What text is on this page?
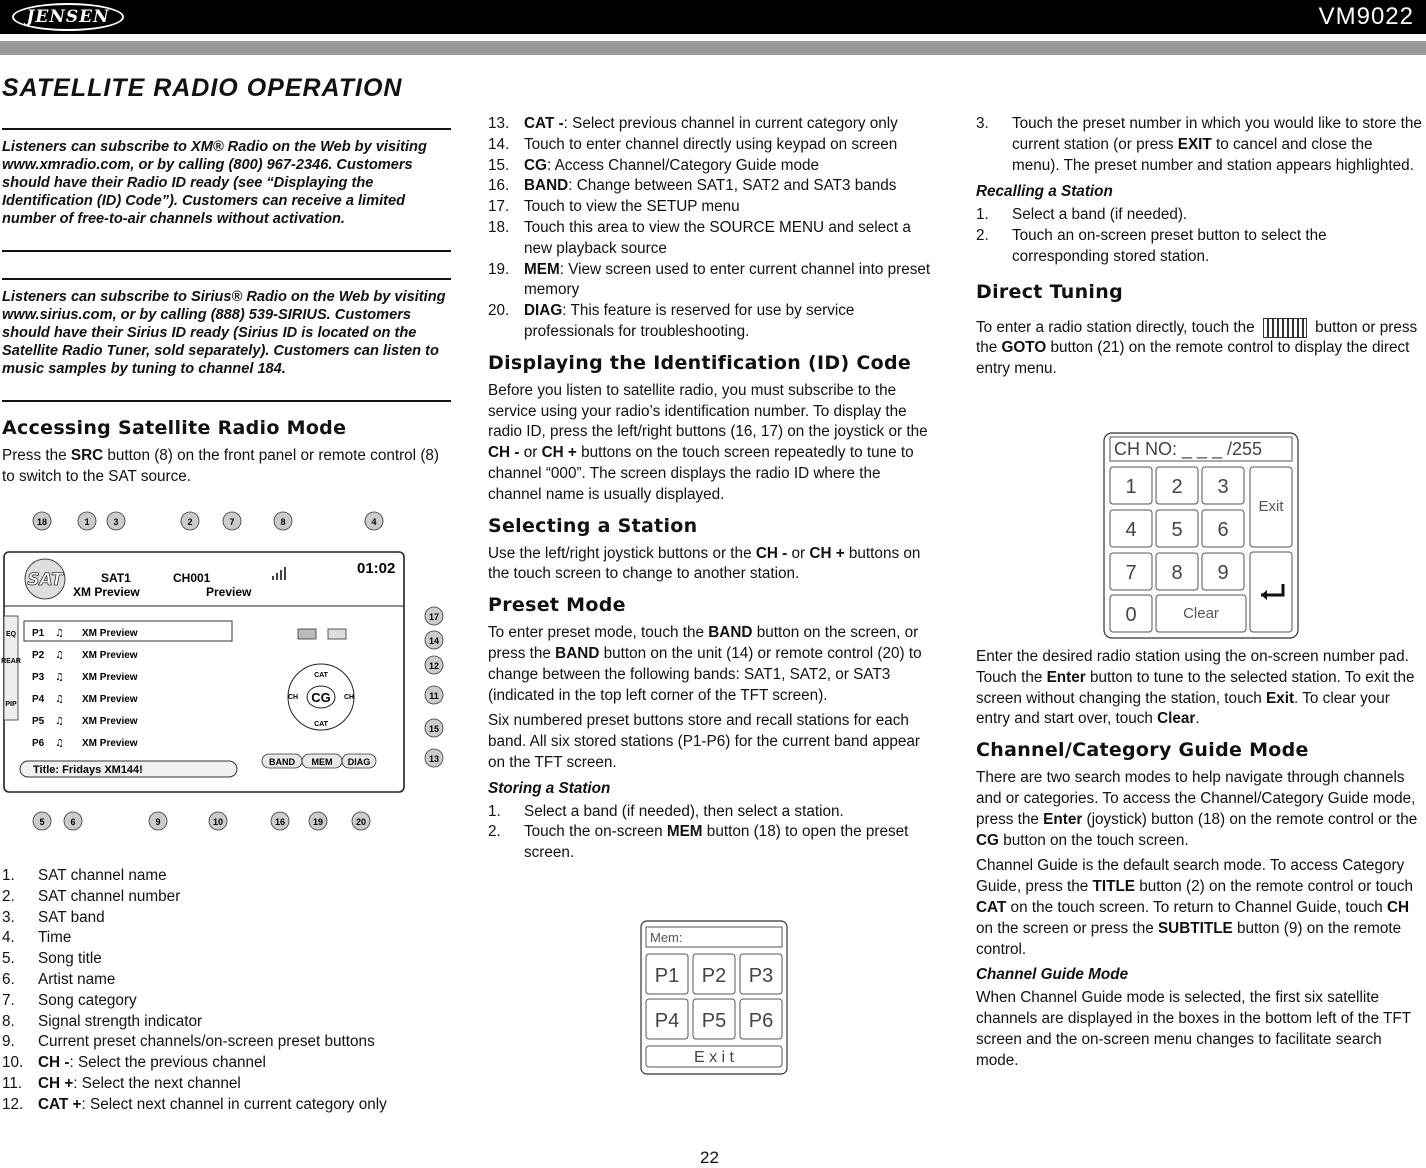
JENSEN	VM9022
SATELLITE RADIO OPERATION
Listeners can subscribe to XM® Radio on the Web by visiting www.xmradio.com, or by calling (800) 967-2346. Customers should have their Radio ID ready (see “Displaying the Identification (ID) Code”). Customers can receive a limited number of free-to-air channels without activation.
Listeners can subscribe to Sirius® Radio on the Web by visiting www.sirius.com, or by calling (888) 539-SIRIUS. Customers should have their Sirius ID ready (Sirius ID is located on the Satellite Radio Tuner, sold separately). Customers can listen to music samples by tuning to channel 184.
Accessing Satellite Radio Mode

Press the SRC button (8) on the front panel or remote control (8) to switch to the SAT source.

18	1	3	2	7	8	4
17
14
12
11
15
13
5	6	9	10	16	19	20
SAT	SAT1	CH001
XM Preview	Preview
01:02
EQ
REAR
PIP
P1 ♫ XM Preview
P2 ♫ XM Preview
P3 ♫ XM Preview
P4 ♫ XM Preview
P5 ♫ XM Preview
P6 ♫ XM Preview
Title: Fridays XM144!
CG
CAT
CAT
CH	CH
BAND MEM DIAG
1.	SAT channel name
2.	SAT channel number
3.	SAT band
4.	Time
5.	Song title
6.	Artist name
7.	Song category
8.	Signal strength indicator
9.	Current preset channels/on-screen preset buttons
10. CH -: Select the previous channel
11.	CH +: Select the next channel
12. CAT +: Select next channel in current category only
13. CAT -: Select previous channel in current category only
14. Touch to enter channel directly using keypad on screen
15. CG: Access Channel/Category Guide mode
16. BAND: Change between SAT1, SAT2 and SAT3 bands
17. Touch to view the SETUP menu
18. Touch this area to view the SOURCE MENU and select a new playback source
19. MEM: View screen used to enter current channel into preset memory
20. DIAG: This feature is reserved for use by service professionals for troubleshooting.
Displaying the Identification (ID) Code

Before you listen to satellite radio, you must subscribe to the service using your radio’s identification number. To display the radio ID, press the left/right buttons (16, 17) on the joystick or the CH - or CH + buttons on the touch screen repeatedly to tune to channel “000”. The screen displays the radio ID where the channel name is usually displayed.

Selecting a Station

Use the left/right joystick buttons or the CH - or CH + buttons on the touch screen to change to another station.

Preset Mode

To enter preset mode, touch the BAND button on the screen, or press the BAND button on the unit (14) or remote control (20) to change between the following bands: SAT1, SAT2, or SAT3 (indicated in the top left corner of the TFT screen).

Six numbered preset buttons store and recall stations for each band. All six stored stations (P1-P6) for the current band appear on the TFT screen.

Storing a Station
1.	Select a band (if needed), then select a station.
2.	Touch the on-screen MEM button (18) to open the preset screen.
Mem:
P1 P2 P3
P4 P5 P6
E x i t
3.	Touch the preset number in which you would like to store the current station (or press EXIT to cancel and close the menu). The preset number and station appears highlighted.
Recalling a Station
1.	Select a band (if needed).
2.	Touch an on-screen preset button to select the corresponding stored station.
Direct Tuning

To enter a radio station directly, touch the	button or press the GOTO button (21) on the remote control to display the direct entry menu.

Enter the desired radio station using the on-screen number pad. Touch the Enter button to tune to the selected station. To exit the screen without changing the station, touch Exit. To clear your entry and start over, touch Clear.

Channel/Category Guide Mode

There are two search modes to help navigate through channels and or categories. To access the Channel/Category Guide mode, press the Enter (joystick) button (18) on the remote control or the CG button on the touch screen.

Channel Guide is the default search mode. To access Category Guide, press the TITLE button (2) on the remote control or touch CAT on the touch screen. To return to Channel Guide, touch CH on the screen or press the SUBTITLE button (9) on the remote control.

Channel Guide Mode

When Channel Guide mode is selected, the first six satellite channels are displayed in the boxes in the bottom left of the TFT screen and the on-screen menu changes to facilitate search mode.

CH NO: _ _ _ /255
1 2 3
4 5 6
7 8 9
0
Exit
Clear
22
